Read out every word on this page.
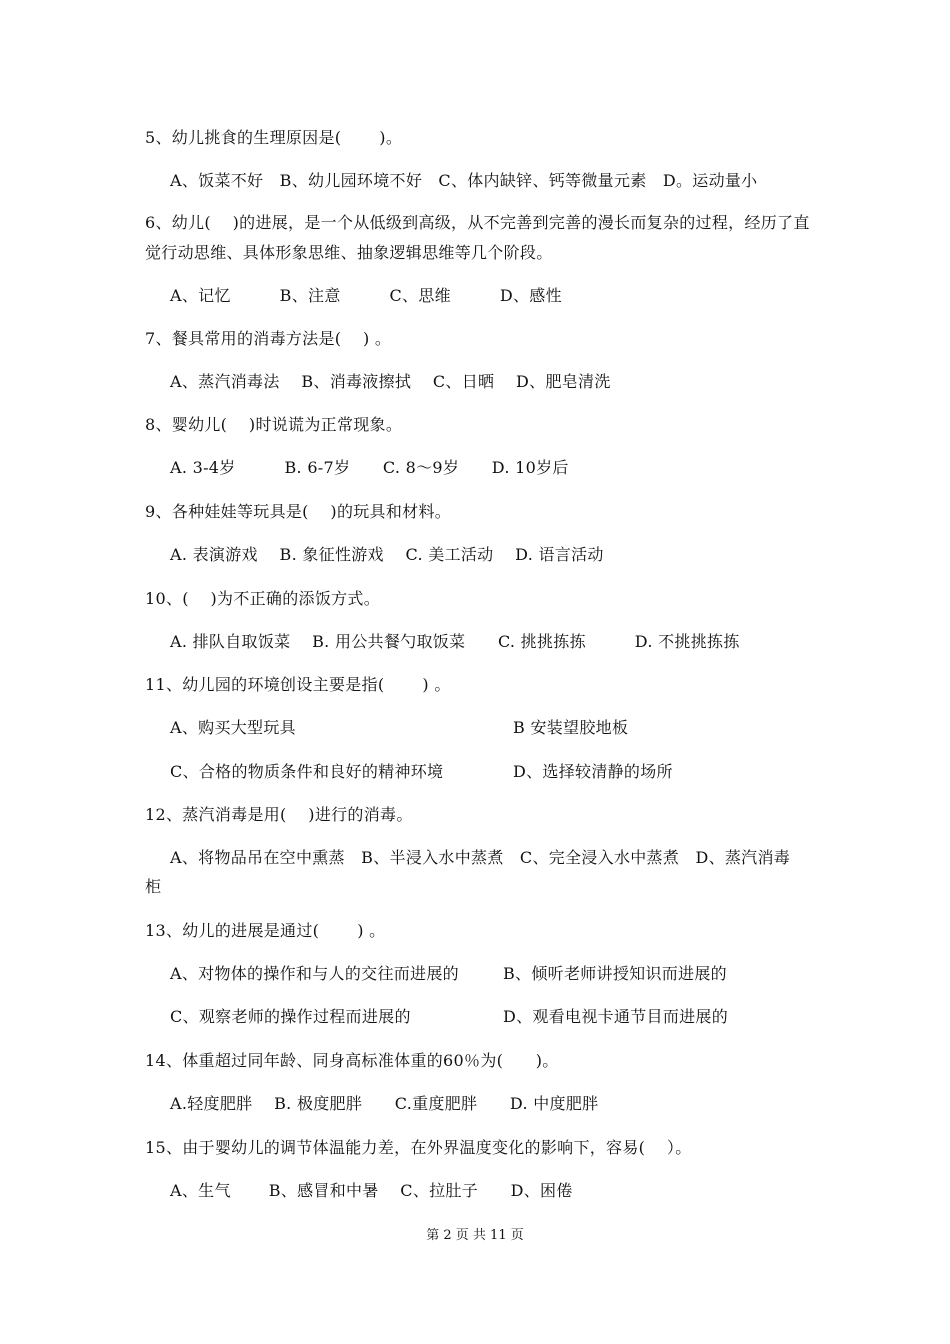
5、幼儿挑食的生理原因是(　　 )。
A、饭菜不好　B、幼儿园环境不好　C、体内缺锌、钙等微量元素　D。运动量小
6、幼儿(　 )的进展，是一个从低级到高级，从不完善到完善的漫长而复杂的过程，经历了直觉行动思维、具体形象思维、抽象逻辑思维等几个阶段。
A、记忆　　　B、注意　　　C、思维　　　D、感性
7、餐具常用的消毒方法是(　 ) 。
A、蒸汽消毒法　 B、消毒液擦拭　 C、日晒　 D、肥皂清洗
8、婴幼儿(　 )时说谎为正常现象。
A. 3-4岁　　　B. 6-7岁　　C. 8～9岁　　D. 10岁后
9、各种娃娃等玩具是(　 )的玩具和材料。
A. 表演游戏　 B. 象征性游戏　 C. 美工活动　 D. 语言活动
10、(　 )为不正确的添饭方式。
A. 排队自取饭菜　 B. 用公共餐勺取饭菜　　C. 挑挑拣拣　　　D. 不挑挑拣拣
11、幼儿园的环境创设主要是指(　　 ) 。
A、购买大型玩具	B 安装望胶地板
C、合格的物质条件和良好的精神环境	D、选择较清静的场所
12、蒸汽消毒是用(　 )进行的消毒。
A、将物品吊在空中熏蒸　B、半浸入水中蒸煮　C、完全浸入水中蒸煮　D、蒸汽消毒
柜
13、幼儿的进展是通过(　　 ) 。
A、对物体的操作和与人的交往而进展的	B、倾听老师讲授知识而进展的
C、观察老师的操作过程而进展的	D、观看电视卡通节目而进展的
14、体重超过同年龄、同身高标准体重的60％为(　　)。
A.轻度肥胖　 B. 极度肥胖　　C.重度肥胖　　D. 中度肥胖
15、由于婴幼儿的调节体温能力差，在外界温度变化的影响下，容易(　 ）。
A、生气　　 B、感冒和中暑　 C、拉肚子　　D、困倦
第 2 页 共 11 页
